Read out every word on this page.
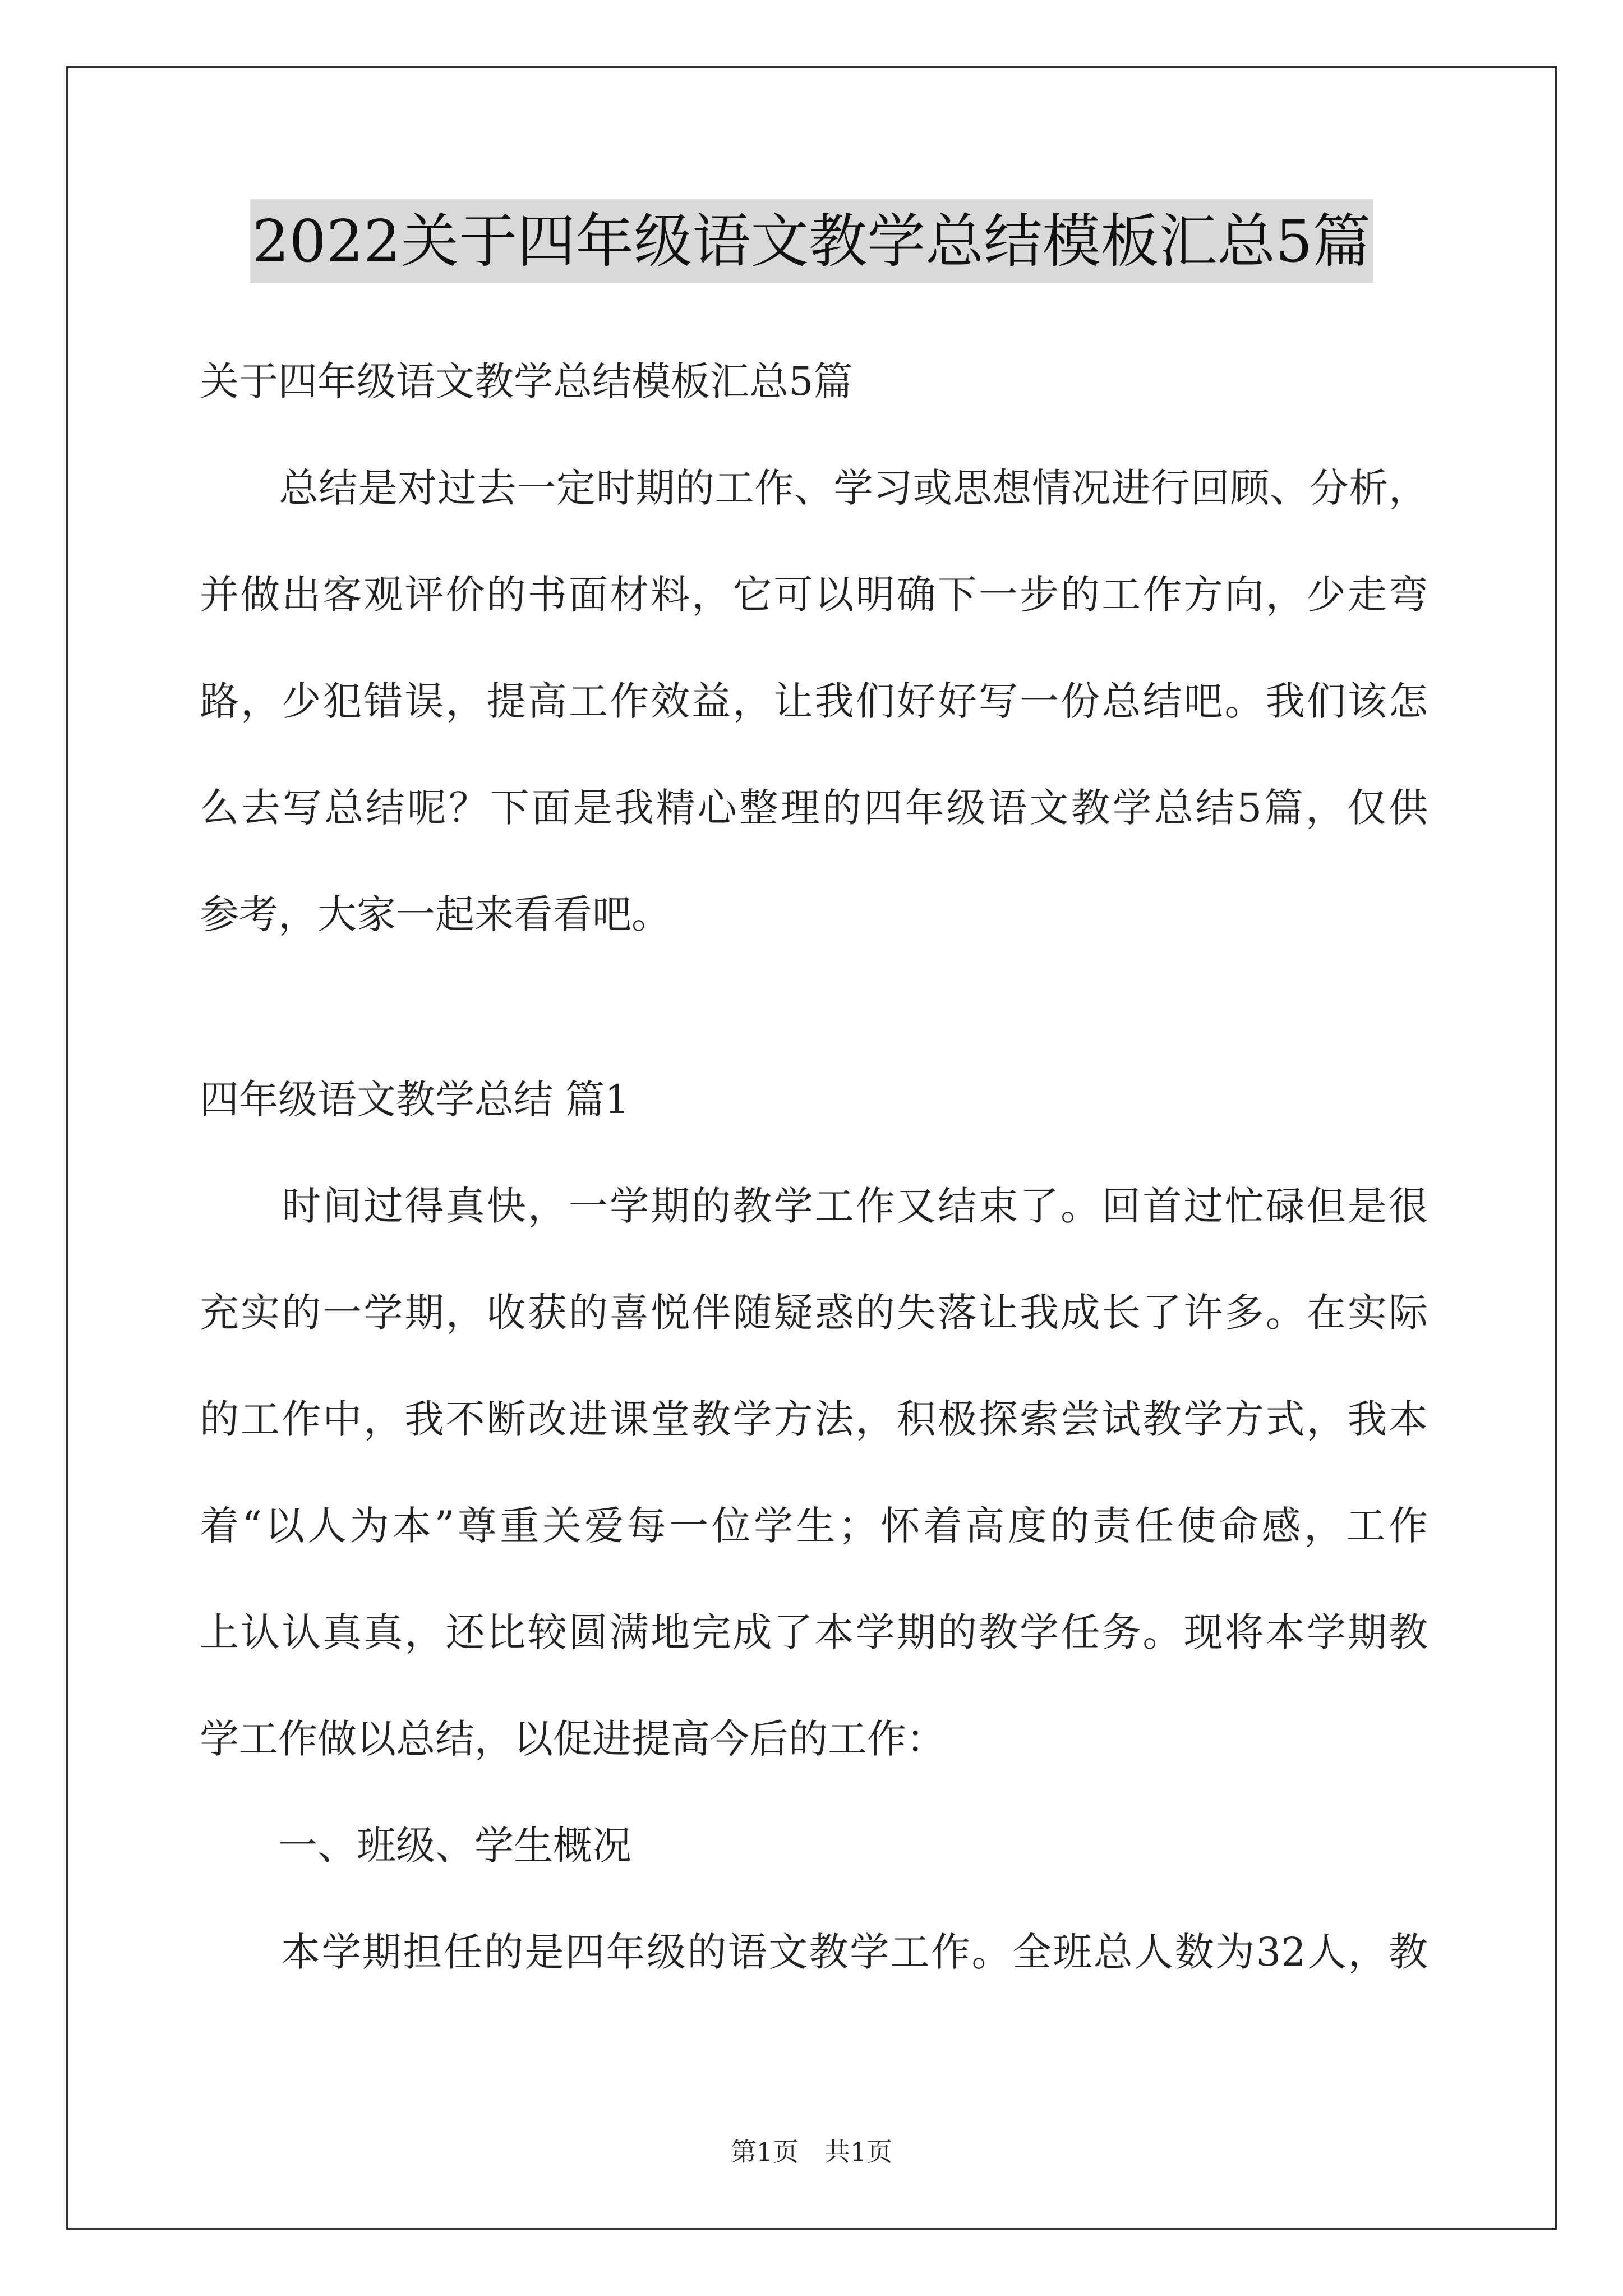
2022关于四年级语文教学总结模板汇总5篇
关于四年级语文教学总结模板汇总5篇
　　总结是对过去一定时期的工作、学习或思想情况进行回顾、分析，
并做出客观评价的书面材料，它可以明确下一步的工作方向，少走弯
路，少犯错误，提高工作效益，让我们好好写一份总结吧。我们该怎
么去写总结呢？下面是我精心整理的四年级语文教学总结5篇，仅供
参考，大家一起来看看吧。
四年级语文教学总结 篇1
　　时间过得真快，一学期的教学工作又结束了。回首过忙碌但是很
充实的一学期，收获的喜悦伴随疑惑的失落让我成长了许多。在实际
的工作中，我不断改进课堂教学方法，积极探索尝试教学方式，我本
着“以人为本”尊重关爱每一位学生；怀着高度的责任使命感，工作
上认认真真，还比较圆满地完成了本学期的教学任务。现将本学期教
学工作做以总结，以促进提高今后的工作：
　　一、班级、学生概况
　　本学期担任的是四年级的语文教学工作。全班总人数为32人，教
第1页　共1页
